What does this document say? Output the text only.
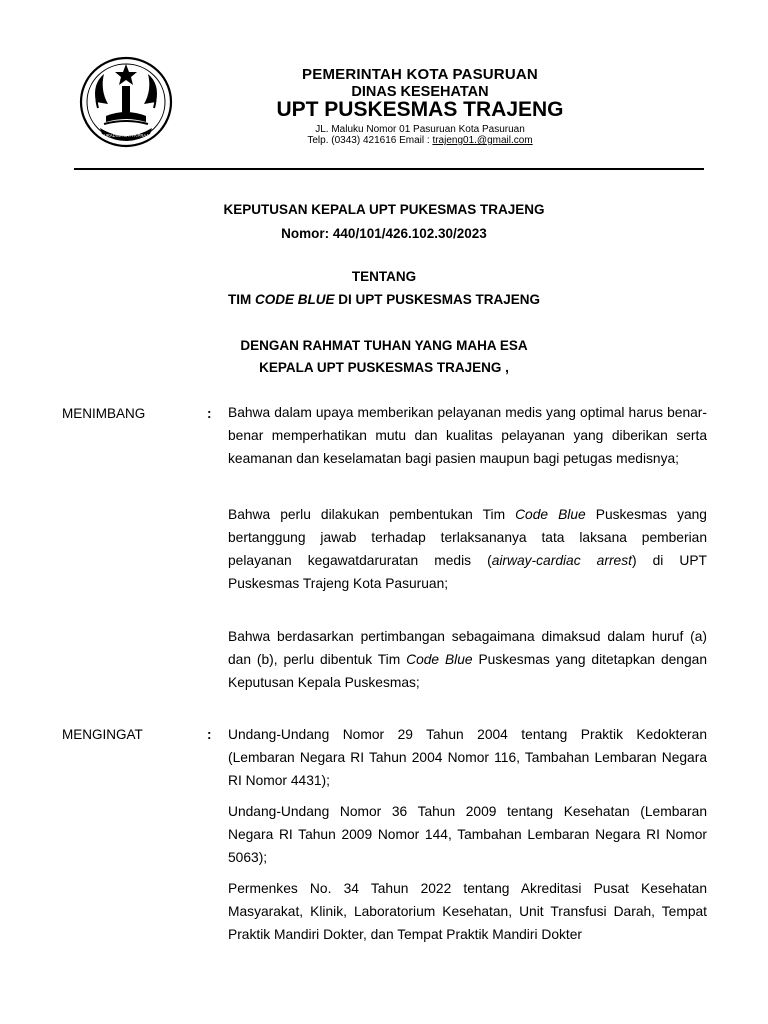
SURADINA SATYA PRAJA
PEMERINTAH KOTA PASURUAN
DINAS KESEHATAN
UPT PUSKESMAS TRAJENG
JL. Maluku Nomor 01 Pasuruan Kota Pasuruan
Telp. (0343) 421616 Email : trajeng01.@gmail.com
KEPUTUSAN KEPALA UPT PUKESMAS TRAJENG
Nomor: 440/101/426.102.30/2023
TENTANG
TIM CODE BLUE DI UPT PUSKESMAS TRAJENG
DENGAN RAHMAT TUHAN YANG MAHA ESA
KEPALA UPT PUSKESMAS TRAJENG ,
MENIMBANG	: Bahwa dalam upaya memberikan pelayanan medis yang optimal harus benar-benar memperhatikan mutu dan kualitas pelayanan yang diberikan serta keamanan dan keselamatan bagi pasien maupun bagi petugas medisnya;
Bahwa perlu dilakukan pembentukan Tim Code Blue Puskesmas yang bertanggung jawab terhadap terlaksananya tata laksana pemberian pelayanan kegawatdaruratan medis (airway-cardiac arrest) di UPT Puskesmas Trajeng Kota Pasuruan;
Bahwa berdasarkan pertimbangan sebagaimana dimaksud dalam huruf (a) dan (b), perlu dibentuk Tim Code Blue Puskesmas yang ditetapkan dengan Keputusan Kepala Puskesmas;
MENGINGAT	: Undang-Undang Nomor 29 Tahun 2004 tentang Praktik Kedokteran (Lembaran Negara RI Tahun 2004 Nomor 116, Tambahan Lembaran Negara RI Nomor 4431);
Undang-Undang Nomor 36 Tahun 2009 tentang Kesehatan (Lembaran Negara RI Tahun 2009 Nomor 144, Tambahan Lembaran Negara RI Nomor 5063);
Permenkes No. 34 Tahun 2022 tentang Akreditasi Pusat Kesehatan Masyarakat, Klinik, Laboratorium Kesehatan, Unit Transfusi Darah, Tempat Praktik Mandiri Dokter, dan Tempat Praktik Mandiri Dokter
